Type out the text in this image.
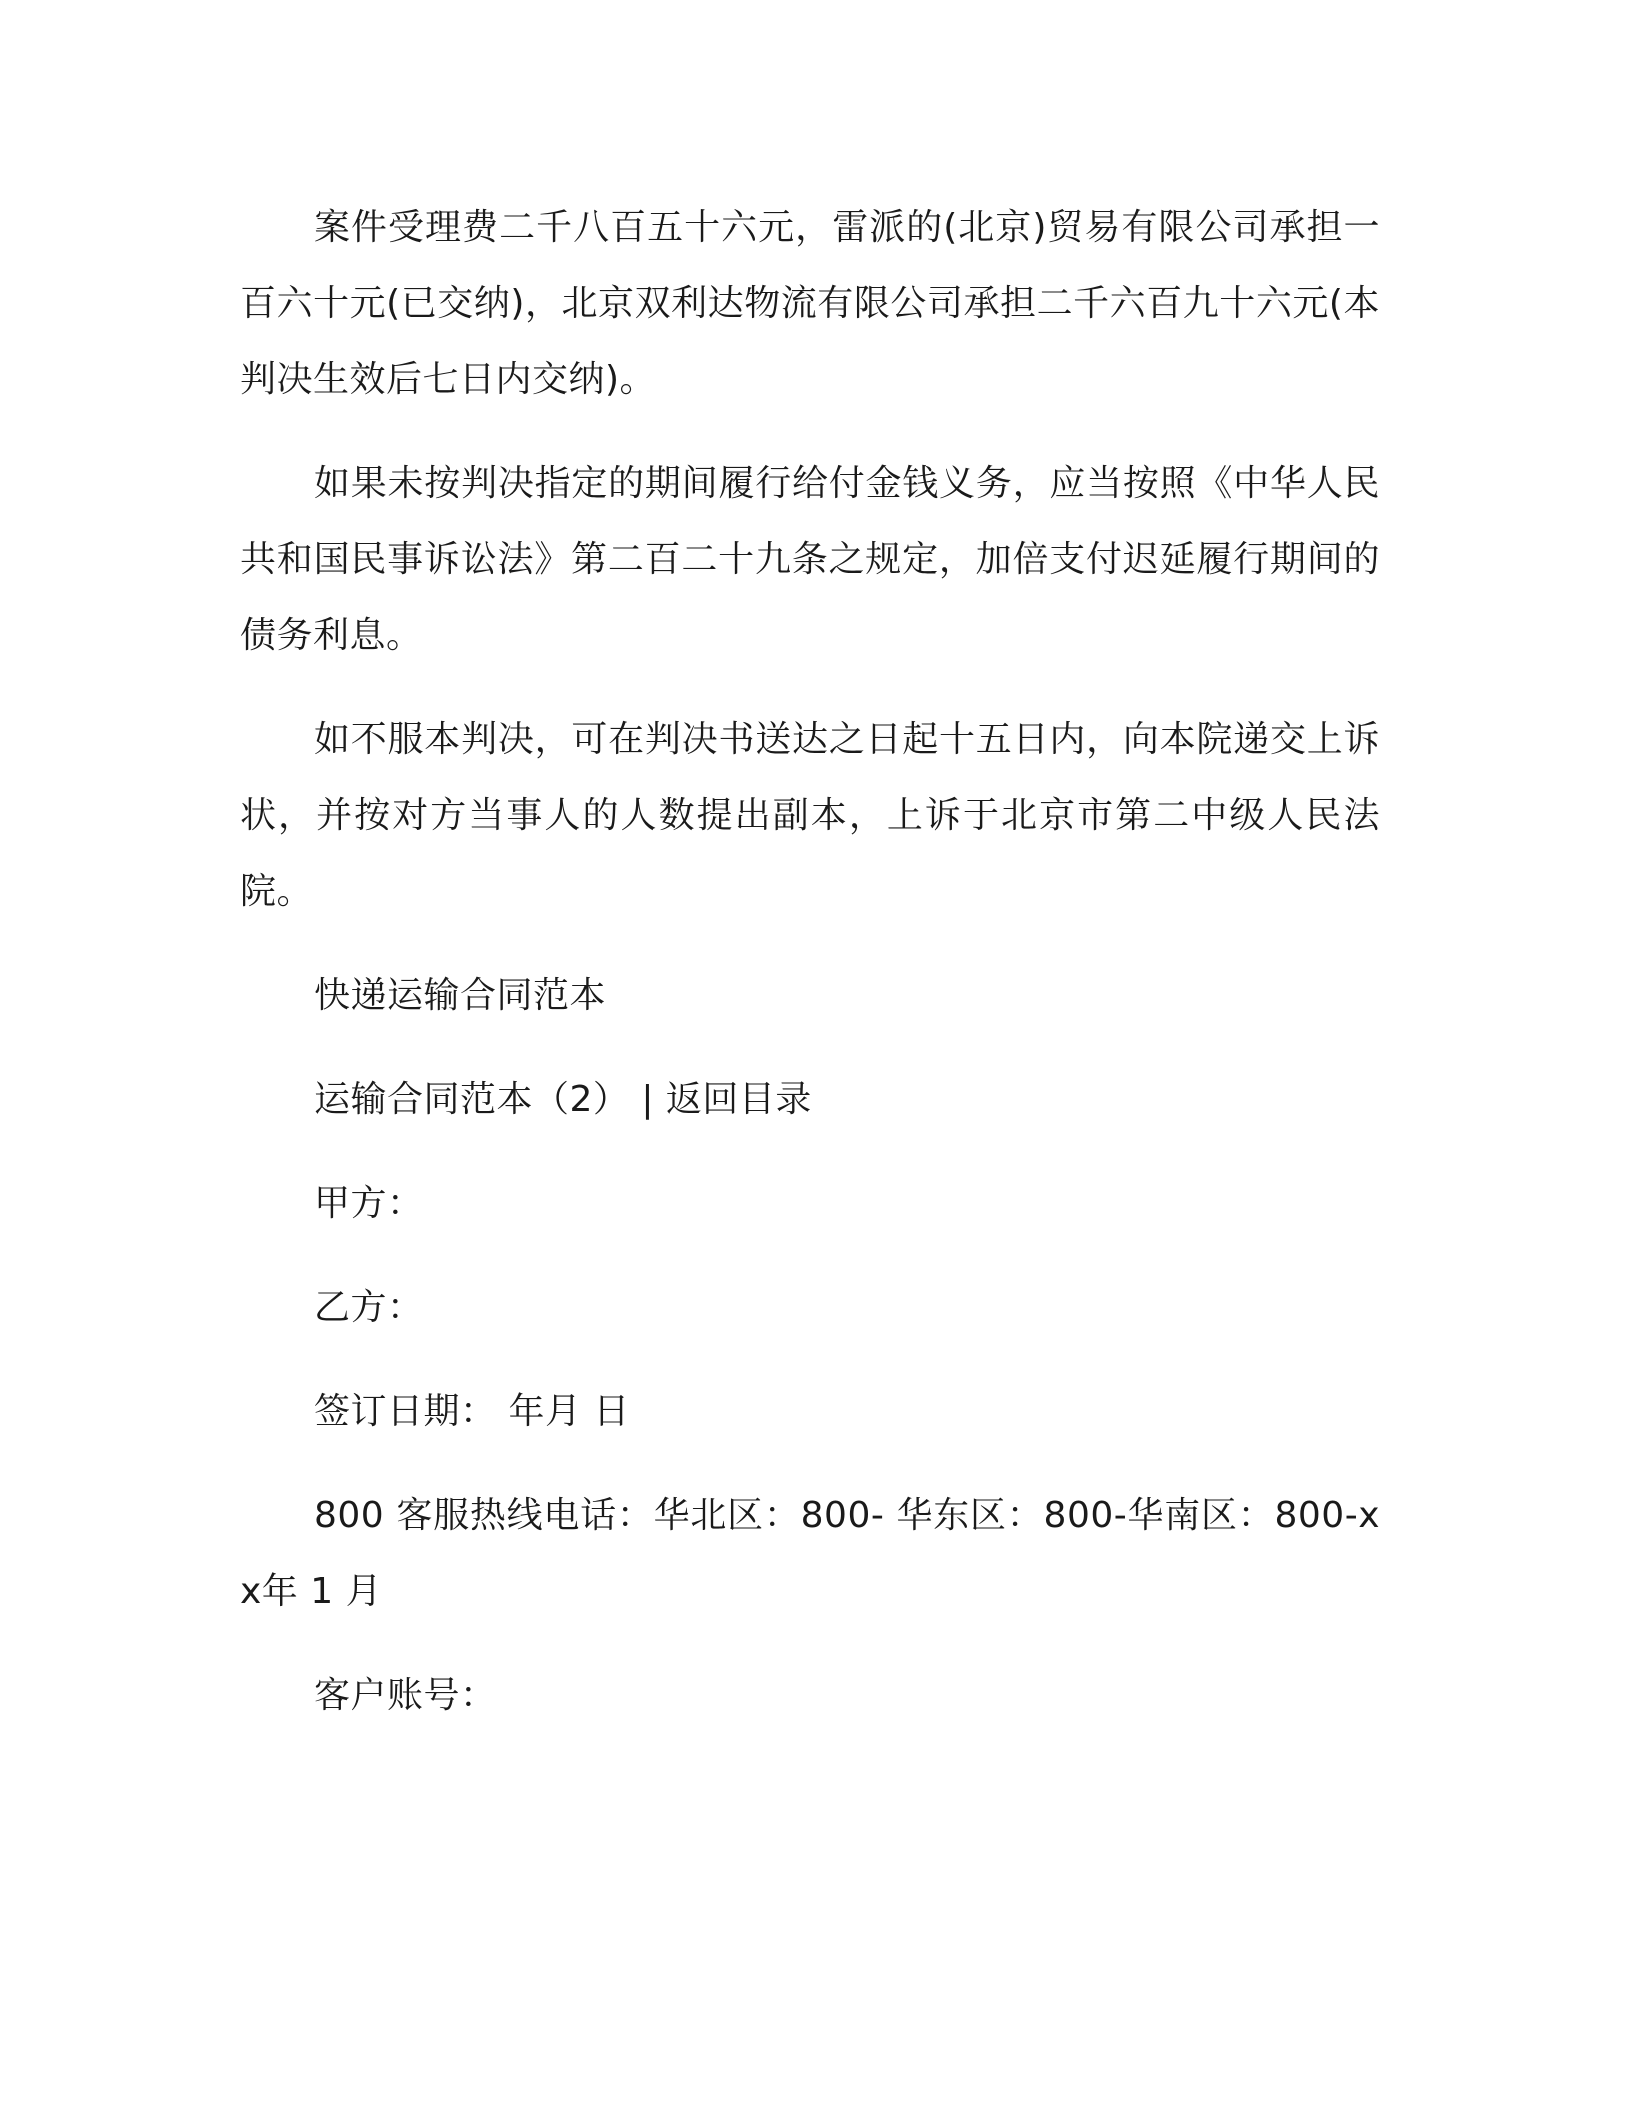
案件受理费二千八百五十六元，雷派的(北京)贸易有限公司承担一百六十元(已交纳)，北京双利达物流有限公司承担二千六百九十六元(本判决生效后七日内交纳)。

如果未按判决指定的期间履行给付金钱义务，应当按照《中华人民共和国民事诉讼法》第二百二十九条之规定，加倍支付迟延履行期间的债务利息。

如不服本判决，可在判决书送达之日起十五日内，向本院递交上诉状，并按对方当事人的人数提出副本，上诉于北京市第二中级人民法院。

快递运输合同范本
运输合同范本（2） | 返回目录
甲方：
乙方：
签订日期： 年月 日

800 客服热线电话：华北区：800- 华东区：800-华南区：800-xx年 1 月

客户账号：
